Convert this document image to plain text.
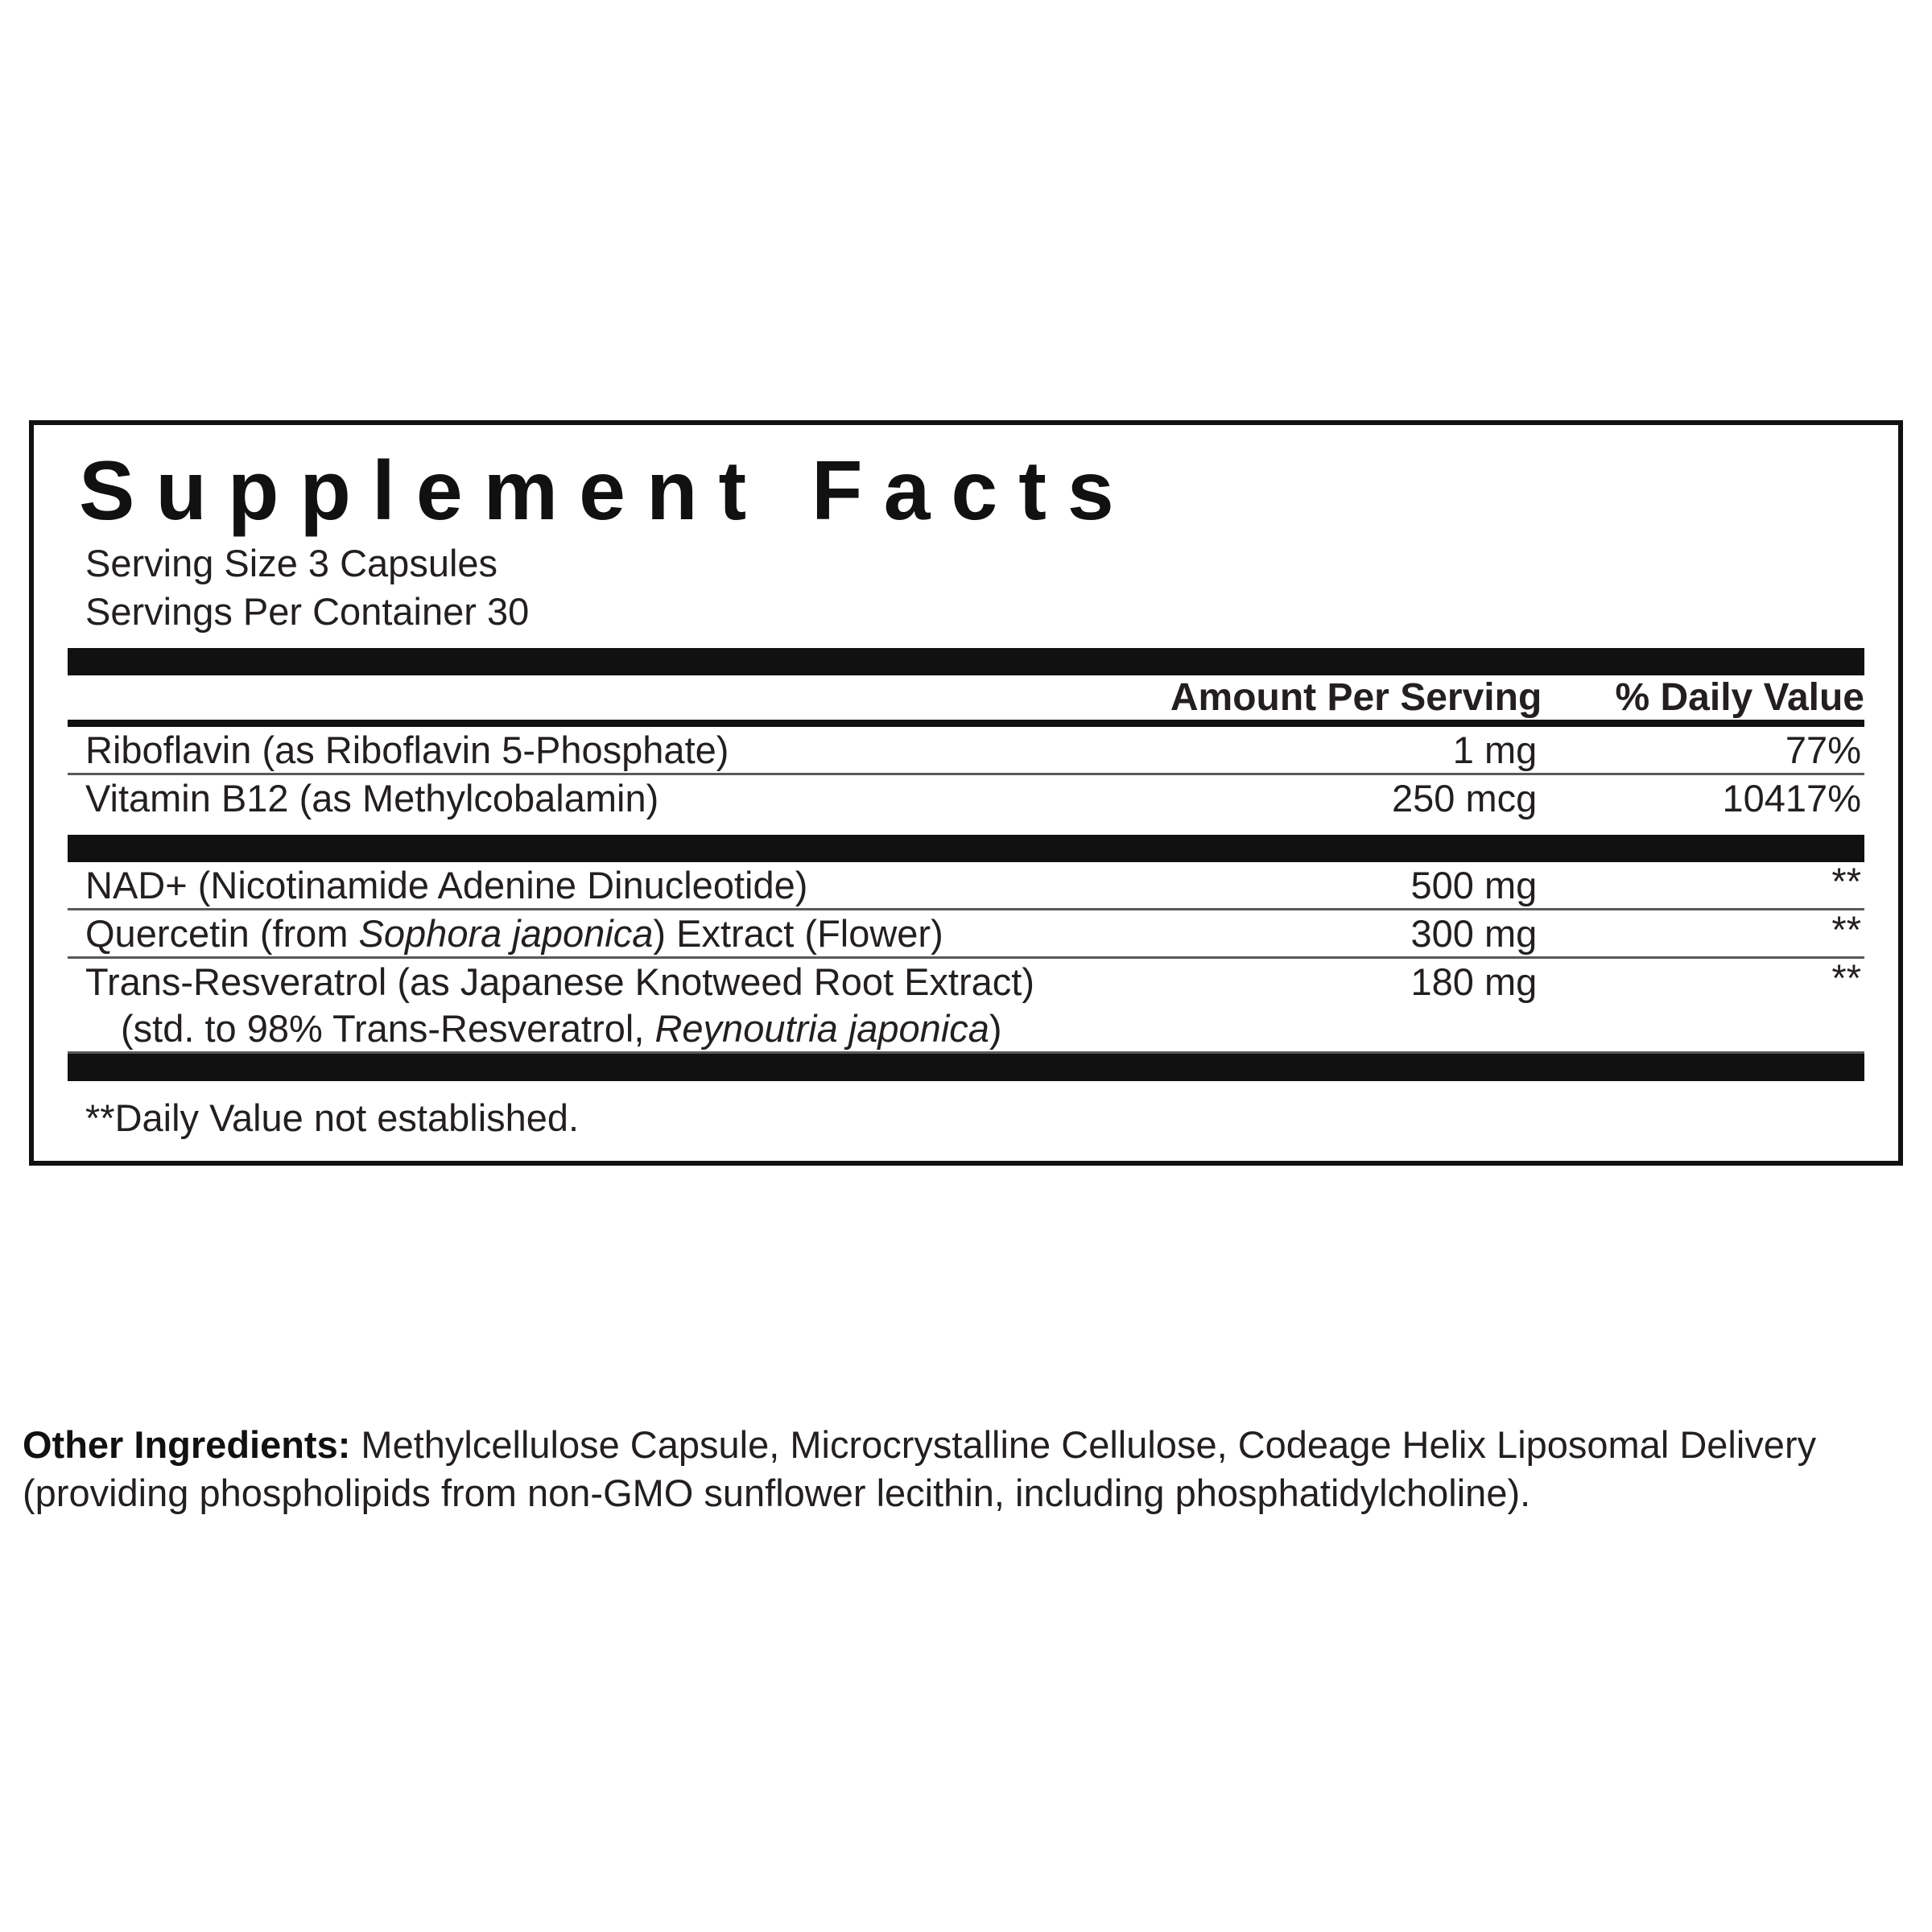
Supplement Facts
Serving Size 3 Capsules
Servings Per Container 30
	Amount Per Serving	% Daily Value

Riboflavin (as Riboflavin 5-Phosphate)	1 mg	77%

Vitamin B12 (as Methylcobalamin)	250 mcg	10417%
NAD+ (Nicotinamide Adenine Dinucleotide)	500 mg	**

Quercetin (from Sophora japonica) Extract (Flower)	300 mg	**

Trans-Resveratrol (as Japanese Knotweed Root Extract)
(std. to 98% Trans-Resveratrol, Reynoutria japonica)	180 mg	**

**Daily Value not established.
Other Ingredients: Methylcellulose Capsule, Microcrystalline Cellulose, Codeage Helix Liposomal Delivery (providing phospholipids from non-GMO sunflower lecithin, including phosphatidylcholine).
